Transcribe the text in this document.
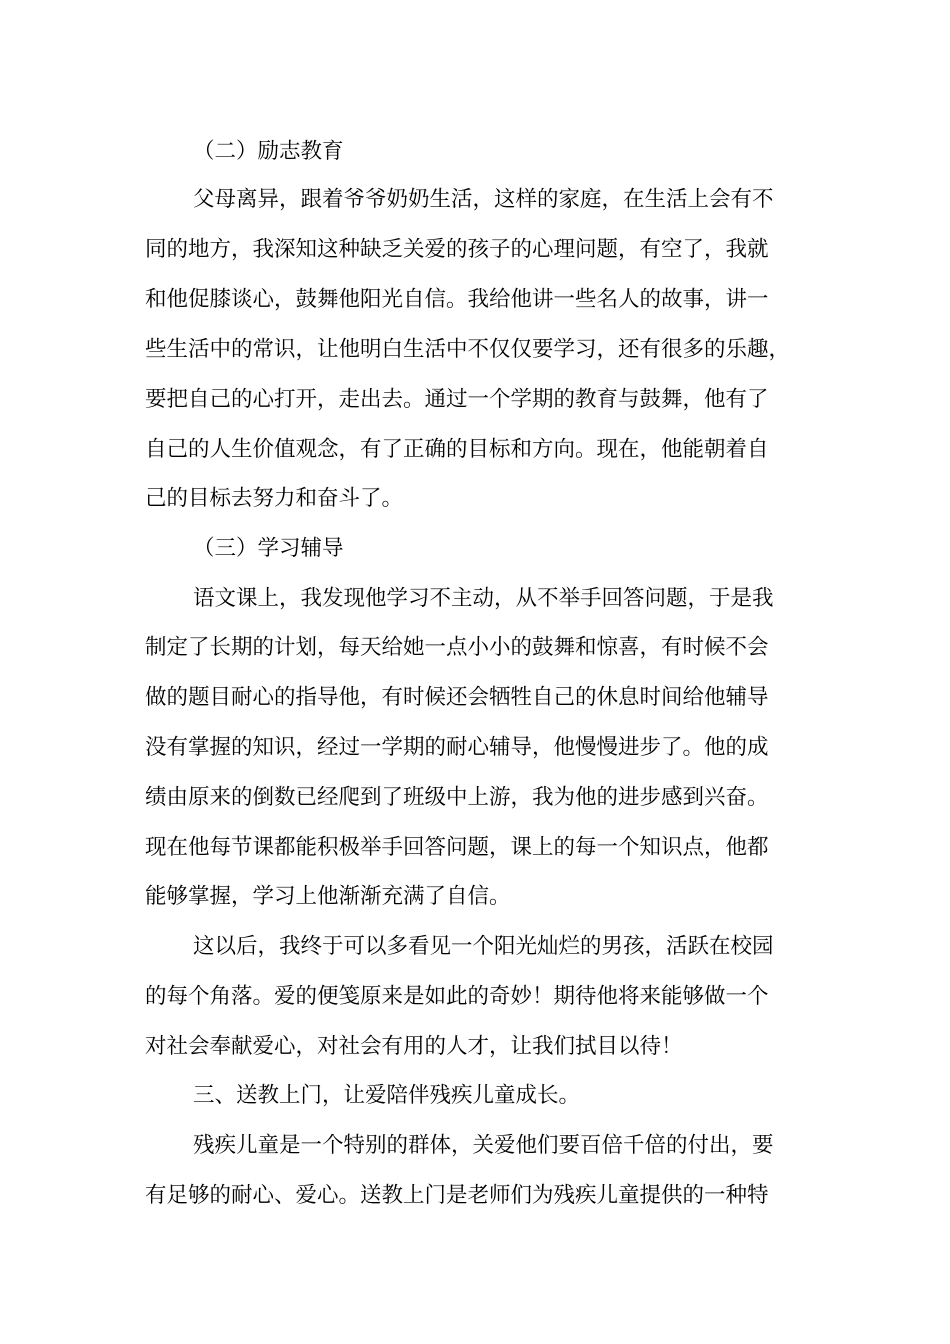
（二）励志教育
父母离异，跟着爷爷奶奶生活，这样的家庭，在生活上会有不
同的地方，我深知这种缺乏关爱的孩子的心理问题，有空了，我就
和他促膝谈心，鼓舞他阳光自信。我给他讲一些名人的故事，讲一
些生活中的常识，让他明白生活中不仅仅要学习，还有很多的乐趣，
要把自己的心打开，走出去。通过一个学期的教育与鼓舞，他有了
自己的人生价值观念，有了正确的目标和方向。现在，他能朝着自
己的目标去努力和奋斗了。
（三）学习辅导
语文课上，我发现他学习不主动，从不举手回答问题，于是我
制定了长期的计划，每天给她一点小小的鼓舞和惊喜，有时候不会
做的题目耐心的指导他，有时候还会牺牲自己的休息时间给他辅导
没有掌握的知识，经过一学期的耐心辅导，他慢慢进步了。他的成
绩由原来的倒数已经爬到了班级中上游，我为他的进步感到兴奋。
现在他每节课都能积极举手回答问题，课上的每一个知识点，他都
能够掌握，学习上他渐渐充满了自信。
这以后，我终于可以多看见一个阳光灿烂的男孩，活跃在校园
的每个角落。爱的便笺原来是如此的奇妙！期待他将来能够做一个
对社会奉献爱心，对社会有用的人才，让我们拭目以待！
三、送教上门，让爱陪伴残疾儿童成长。
残疾儿童是一个特别的群体，关爱他们要百倍千倍的付出，要
有足够的耐心、爱心。送教上门是老师们为残疾儿童提供的一种特
